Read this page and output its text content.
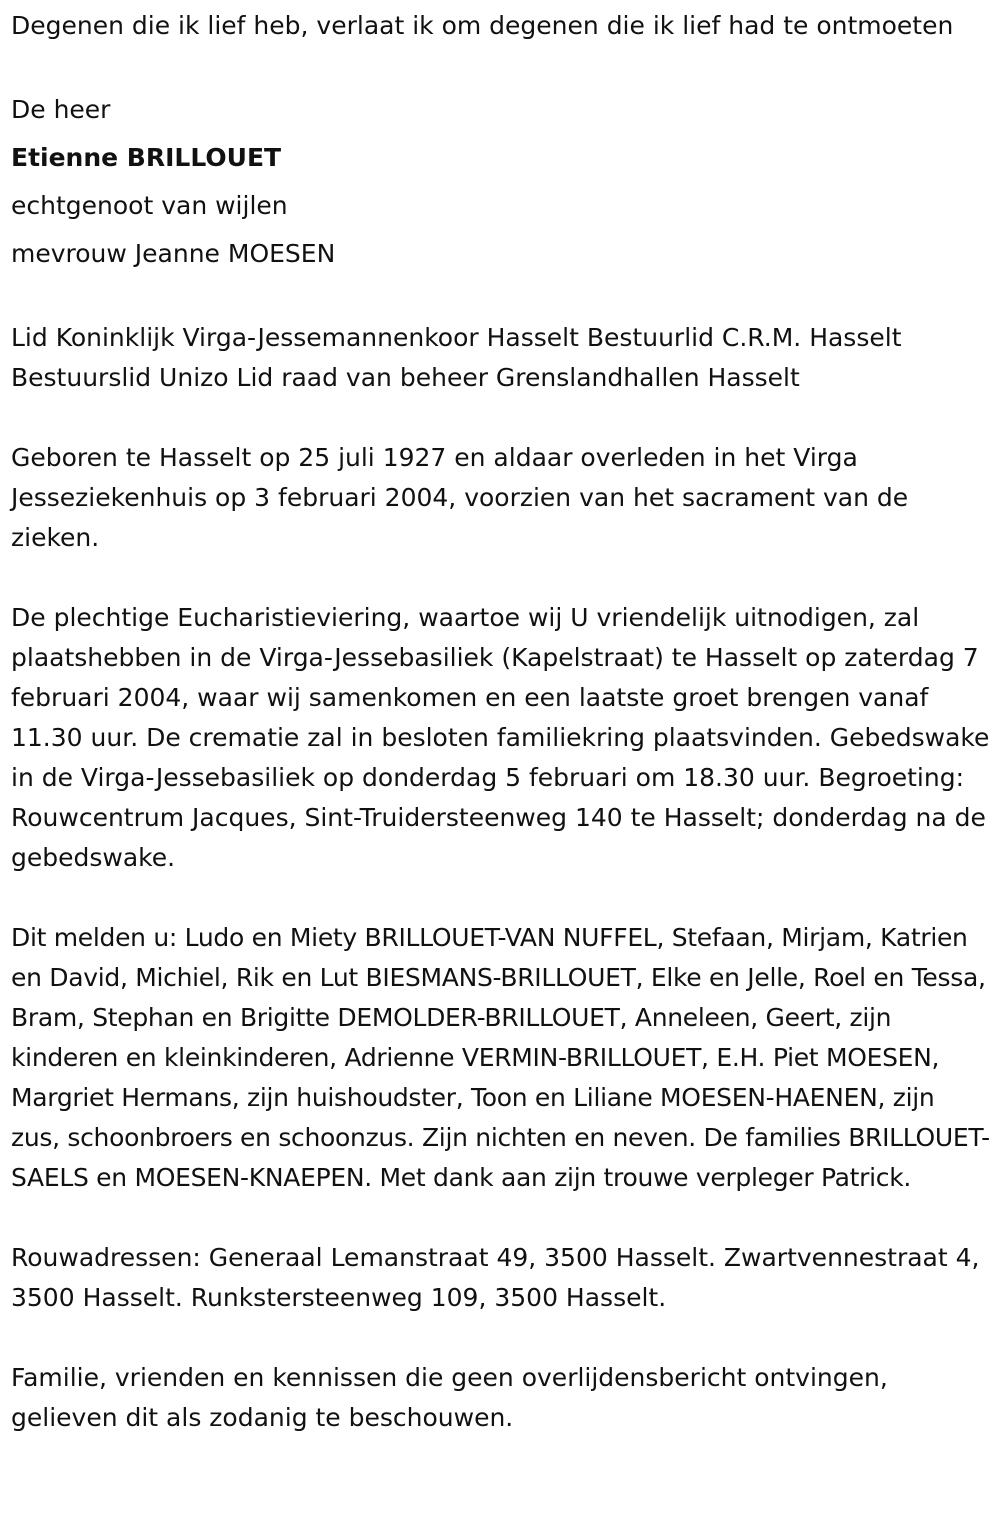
Degenen die ik lief heb, verlaat ik om degenen die ik lief had te ontmoeten

De heer

Etienne BRILLOUET

echtgenoot van wijlen

mevrouw Jeanne MOESEN

Lid Koninklijk Virga-Jessemannenkoor Hasselt Bestuurlid C.R.M. Hasselt Bestuurslid Unizo Lid raad van beheer Grenslandhallen Hasselt

Geboren te Hasselt op 25 juli 1927 en aldaar overleden in het Virga Jesseziekenhuis op 3 februari 2004, voorzien van het sacrament van de zieken.

De plechtige Eucharistieviering, waartoe wij U vriendelijk uitnodigen, zal plaatshebben in de Virga-Jessebasiliek (Kapelstraat) te Hasselt op zaterdag 7 februari 2004, waar wij samenkomen en een laatste groet brengen vanaf 11.30 uur. De crematie zal in besloten familiekring plaatsvinden. Gebedswake in de Virga-Jessebasiliek op donderdag 5 februari om 18.30 uur. Begroeting: Rouwcentrum Jacques, Sint-Truidersteenweg 140 te Hasselt; donderdag na de gebedswake.

Dit melden u: Ludo en Miety BRILLOUET-VAN NUFFEL, Stefaan, Mirjam, Katrien en David, Michiel, Rik en Lut BIESMANS-BRILLOUET, Elke en Jelle, Roel en Tessa, Bram, Stephan en Brigitte DEMOLDER-BRILLOUET, Anneleen, Geert, zijn kinderen en kleinkinderen, Adrienne VERMIN-BRILLOUET, E.H. Piet MOESEN, Margriet Hermans, zijn huishoudster, Toon en Liliane MOESEN-HAENEN, zijn zus, schoonbroers en schoonzus. Zijn nichten en neven. De families BRILLOUET-SAELS en MOESEN-KNAEPEN. Met dank aan zijn trouwe verpleger Patrick.

Rouwadressen: Generaal Lemanstraat 49, 3500 Hasselt. Zwartvennestraat 4, 3500 Hasselt. Runkstersteenweg 109, 3500 Hasselt.

Familie, vrienden en kennissen die geen overlijdensbericht ontvingen, gelieven dit als zodanig te beschouwen.
